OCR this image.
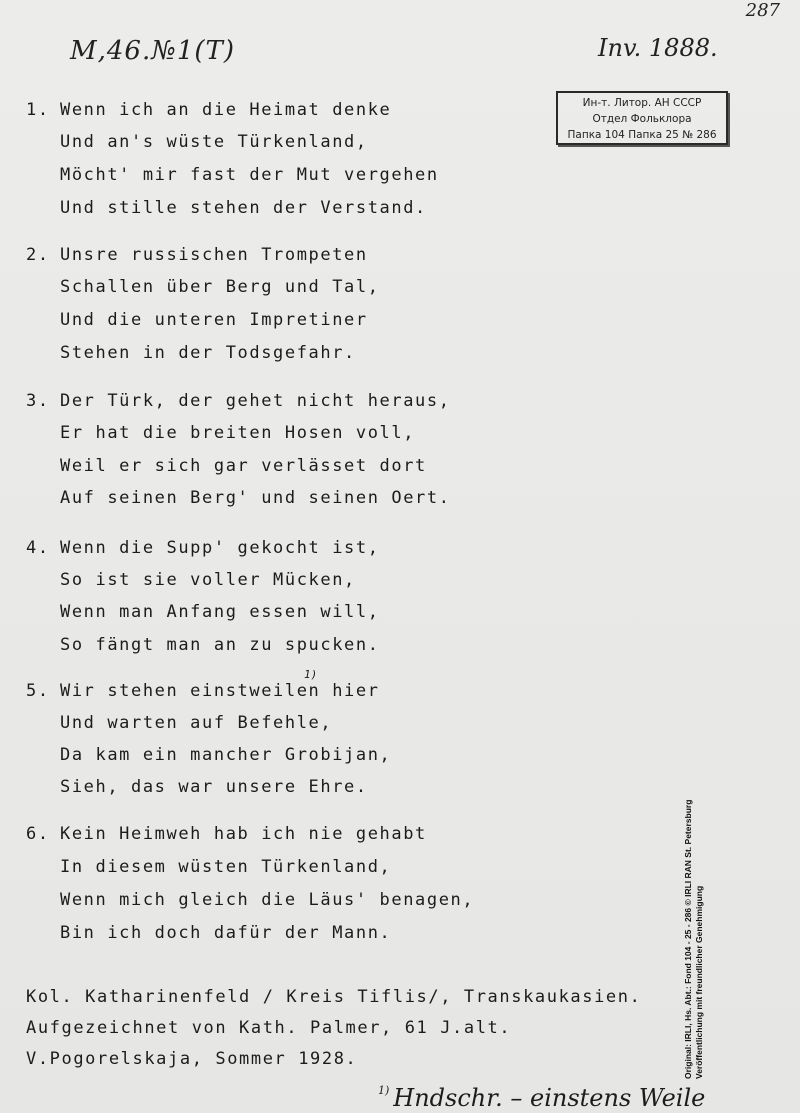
287
M,46.№1(T)	Inv. 1888.
Ин-т. Литор. АН СССР
Отдел Фольклора
Папка 104 Папка 25 № 286
1. Wenn ich an die Heimat denke
Und an's wüste Türkenland,
Möcht' mir fast der Mut vergehen
Und stille stehen der Verstand.
2. Unsre russischen Trompeten
Schallen über Berg und Tal,
Und die unteren Impretiner
Stehen in der Todsgefahr.
3. Der Türk, der gehet nicht heraus,
Er hat die breiten Hosen voll,
Weil er sich gar verlässet dort
Auf seinen Berg' und seinen Oert.
4. Wenn die Supp' gekocht ist,
So ist sie voller Mücken,
Wenn man Anfang essen will,
So fängt man an zu spucken.
1)
5. Wir stehen einstweilen hier
Und warten auf Befehle,
Da kam ein mancher Grobijan,
Sieh, das war unsere Ehre.
6. Kein Heimweh hab ich nie gehabt
In diesem wüsten Türkenland,
Wenn mich gleich die Läus' benagen,
Bin ich doch dafür der Mann.
Kol. Katharinenfeld / Kreis Tiflis/, Transkaukasien.
Aufgezeichnet von Kath. Palmer, 61 J.alt.
V.Pogorelskaja, Sommer 1928.
$^{1)}$ Hndschr. – einstens Weile
Original: IRLI, Hs. Abt.: Fond 104 - 25 - 286 © IRLI RAN St. Petersburg Veröffentlichung mit freundlicher Genehmigung
